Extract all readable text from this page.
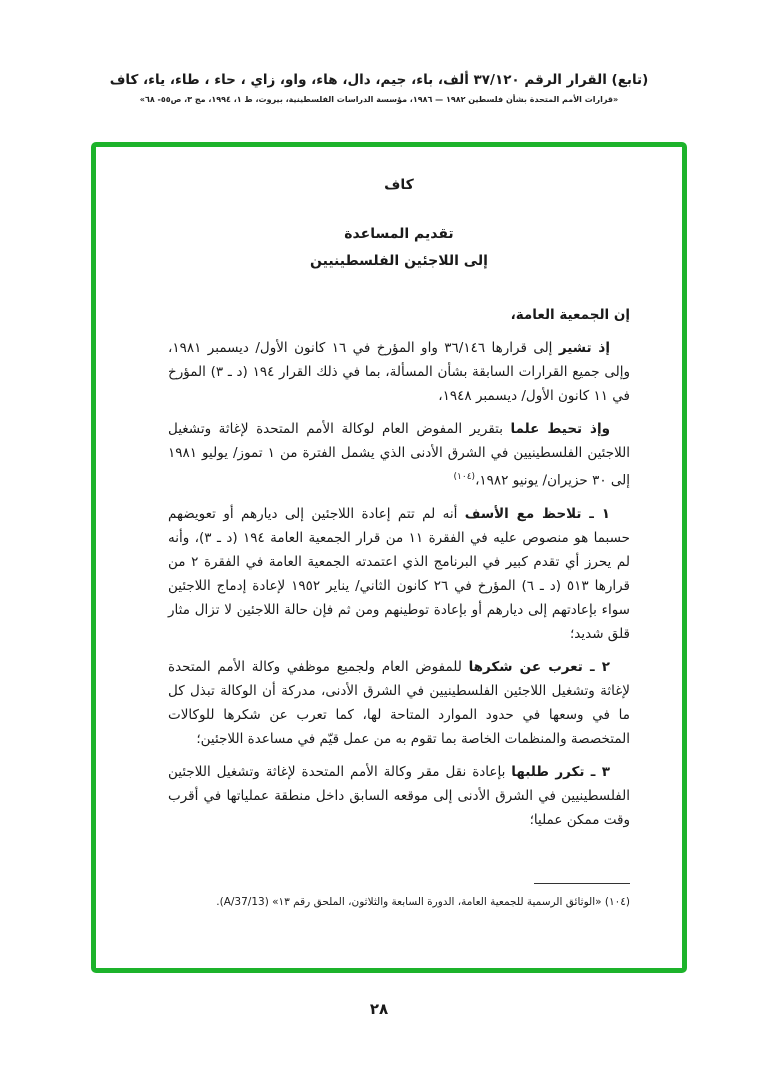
(تابع) القرار الرقم ٣٧/١٢٠ ألف، باء، جيم، دال، هاء، واو، زاي ، حاء ، طاء، ياء، كاف
«قرارات الأمم المتحدة بشأن فلسطين ١٩٨٢ — ١٩٨٦، مؤسسة الدراسات الفلسطينية، بيروت، ط ١، ١٩٩٤، مج ٣، ص٥٥- ٦٨»
كاف
تقديم المساعدة
إلى اللاجئين الفلسطينيين

إن الجمعية العامة،

إذ تشير إلى قرارها ٣٦/١٤٦ واو المؤرخ في ١٦ كانون الأول/ ديسمبر ١٩٨١، وإلى جميع القرارات السابقة بشأن المسألة، بما في ذلك القرار ١٩٤ (د ـ ٣) المؤرخ في ١١ كانون الأول/ ديسمبر ١٩٤٨،

وإذ تحيط علما بتقرير المفوض العام لوكالة الأمم المتحدة لإغاثة وتشغيل اللاجئين الفلسطينيين في الشرق الأدنى الذي يشمل الفترة من ١ تموز/ يوليو ١٩٨١ إلى ٣٠ حزيران/ يونيو ١٩٨٢،$^{(١٠٤)}$

١ ـ تلاحظ مع الأسف أنه لم تتم إعادة اللاجئين إلى ديارهم أو تعويضهم حسبما هو منصوص عليه في الفقرة ١١ من قرار الجمعية العامة ١٩٤ (د ـ ٣)، وأنه لم يحرز أي تقدم كبير في البرنامج الذي اعتمدته الجمعية العامة في الفقرة ٢ من قرارها ٥١٣ (د ـ ٦) المؤرخ في ٢٦ كانون الثاني/ يناير ١٩٥٢ لإعادة إدماج اللاجئين سواء بإعادتهم إلى ديارهم أو بإعادة توطينهم ومن ثم فإن حالة اللاجئين لا تزال مثار قلق شديد؛

٢ ـ تعرب عن شكرها للمفوض العام ولجميع موظفي وكالة الأمم المتحدة لإغاثة وتشغيل اللاجئين الفلسطينيين في الشرق الأدنى، مدركة أن الوكالة تبذل كل ما في وسعها في حدود الموارد المتاحة لها، كما تعرب عن شكرها للوكالات المتخصصة والمنظمات الخاصة بما تقوم به من عمل قيّم في مساعدة اللاجئين؛

٣ ـ تكرر طلبها بإعادة نقل مقر وكالة الأمم المتحدة لإغاثة وتشغيل اللاجئين الفلسطينيين في الشرق الأدنى إلى موقعه السابق داخل منطقة عملياتها في أقرب وقت ممكن عمليا؛

(١٠٤) «الوثائق الرسمية للجمعية العامة، الدورة السابعة والثلاثون، الملحق رقم ١٣» (A/37/13).
٢٨
